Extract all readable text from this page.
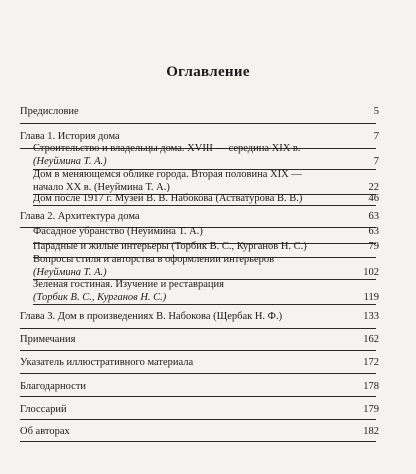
Оглавление
Предисловие	5
Глава 1. История дома	7
Строительство и владельцы дома. XVIII — середина XIX в.
(Неуймина Т. А.)	7
Дом в меняющемся облике города. Вторая половина XIX —
начало XX в. (Неуймина Т. А.)	22
Дом после 1917 г. Музей В. В. Набокова (Астватурова В. В.)	46
Глава 2. Архитектура дома	63
Фасадное убранство (Неуймина Т. А.)	63
Парадные и жилые интерьеры (Торбик В. С., Курганов Н. С.)	79
Вопросы стиля и авторства в оформлении интерьеров
(Неуймина Т. А.)	102
Зеленая гостиная. Изучение и реставрация
(Торбик В. С., Курганов Н. С.)	119
Глава 3. Дом в произведениях В. Набокова (Щербак Н. Ф.)	133
Примечания	162
Указатель иллюстративного материала	172
Благодарности	178
Глоссарий	179
Об авторах	182
